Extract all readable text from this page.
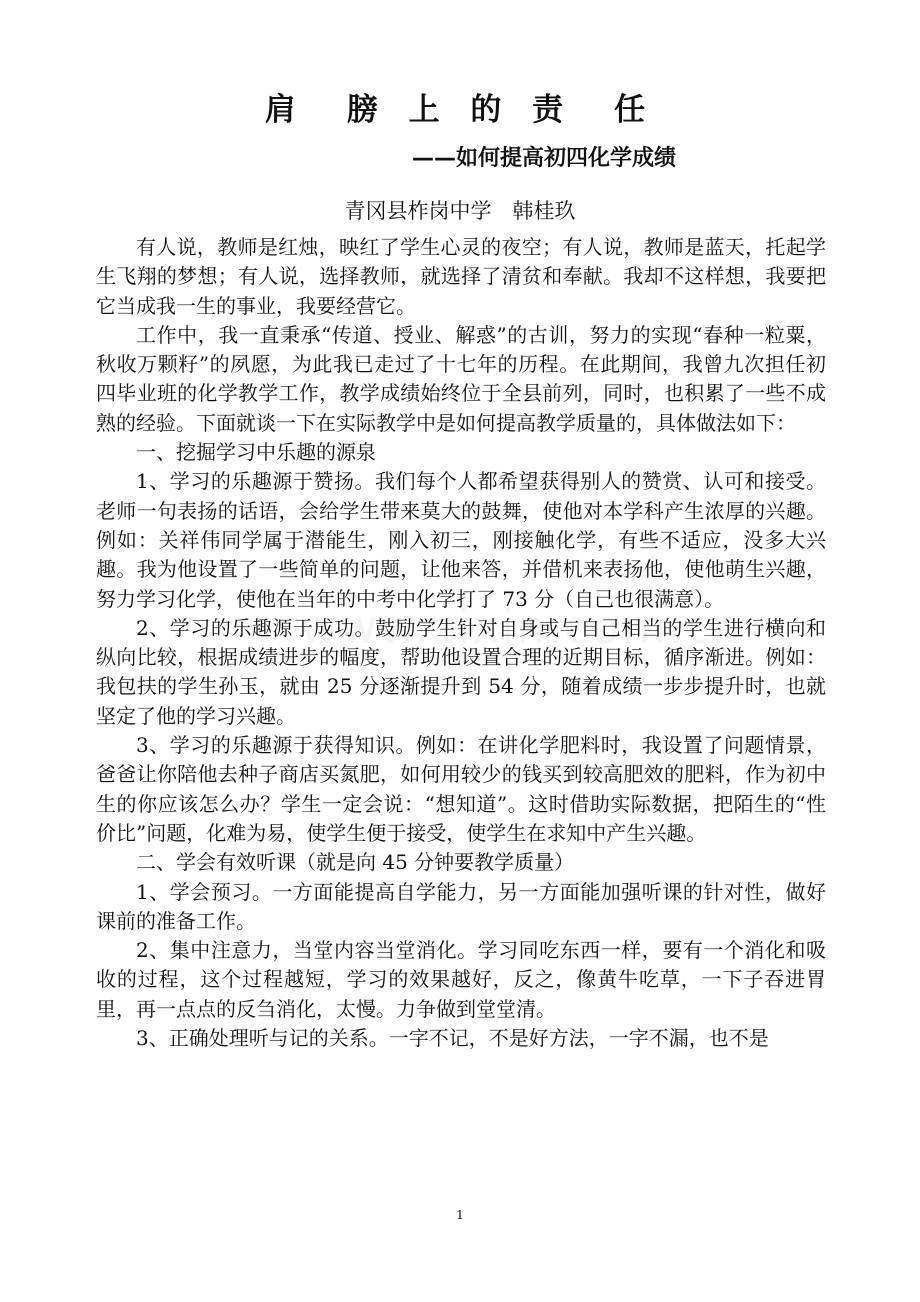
肩　膀 上 的 责　任
——如何提高初四化学成绩
青冈县柞岗中学　韩桂玖

有人说，教师是红烛，映红了学生心灵的夜空；有人说，教师是蓝天，托起学生飞翔的梦想；有人说，选择教师，就选择了清贫和奉献。我却不这样想，我要把它当成我一生的事业，我要经营它。

工作中，我一直秉承“传道、授业、解惑”的古训，努力的实现“春种一粒粟，秋收万颗籽”的夙愿，为此我已走过了十七年的历程。在此期间，我曾九次担任初四毕业班的化学教学工作，教学成绩始终位于全县前列，同时，也积累了一些不成熟的经验。下面就谈一下在实际教学中是如何提高教学质量的，具体做法如下：

一、挖掘学习中乐趣的源泉

1、学习的乐趣源于赞扬。我们每个人都希望获得别人的赞赏、认可和接受。老师一句表扬的话语，会给学生带来莫大的鼓舞，使他对本学科产生浓厚的兴趣。例如：关祥伟同学属于潜能生，刚入初三，刚接触化学，有些不适应，没多大兴趣。我为他设置了一些简单的问题，让他来答，并借机来表扬他，使他萌生兴趣，努力学习化学，使他在当年的中考中化学打了 73 分（自己也很满意）。

2、学习的乐趣源于成功。鼓励学生针对自身或与自己相当的学生进行横向和纵向比较，根据成绩进步的幅度，帮助他设置合理的近期目标，循序渐进。例如：我包扶的学生孙玉，就由 25 分逐渐提升到 54 分，随着成绩一步步提升时，也就坚定了他的学习兴趣。

3、学习的乐趣源于获得知识。例如：在讲化学肥料时，我设置了问题情景，爸爸让你陪他去种子商店买氮肥，如何用较少的钱买到较高肥效的肥料，作为初中生的你应该怎么办？学生一定会说：“想知道”。这时借助实际数据，把陌生的“性价比”问题，化难为易，使学生便于接受，使学生在求知中产生兴趣。

二、学会有效听课（就是向 45 分钟要教学质量）

1、学会预习。一方面能提高自学能力，另一方面能加强听课的针对性，做好课前的准备工作。

2、集中注意力，当堂内容当堂消化。学习同吃东西一样，要有一个消化和吸收的过程，这个过程越短，学习的效果越好，反之，像黄牛吃草，一下子吞进胃里，再一点点的反刍消化，太慢。力争做到堂堂清。

3、正确处理听与记的关系。一字不记，不是好方法，一字不漏，也不是

1
